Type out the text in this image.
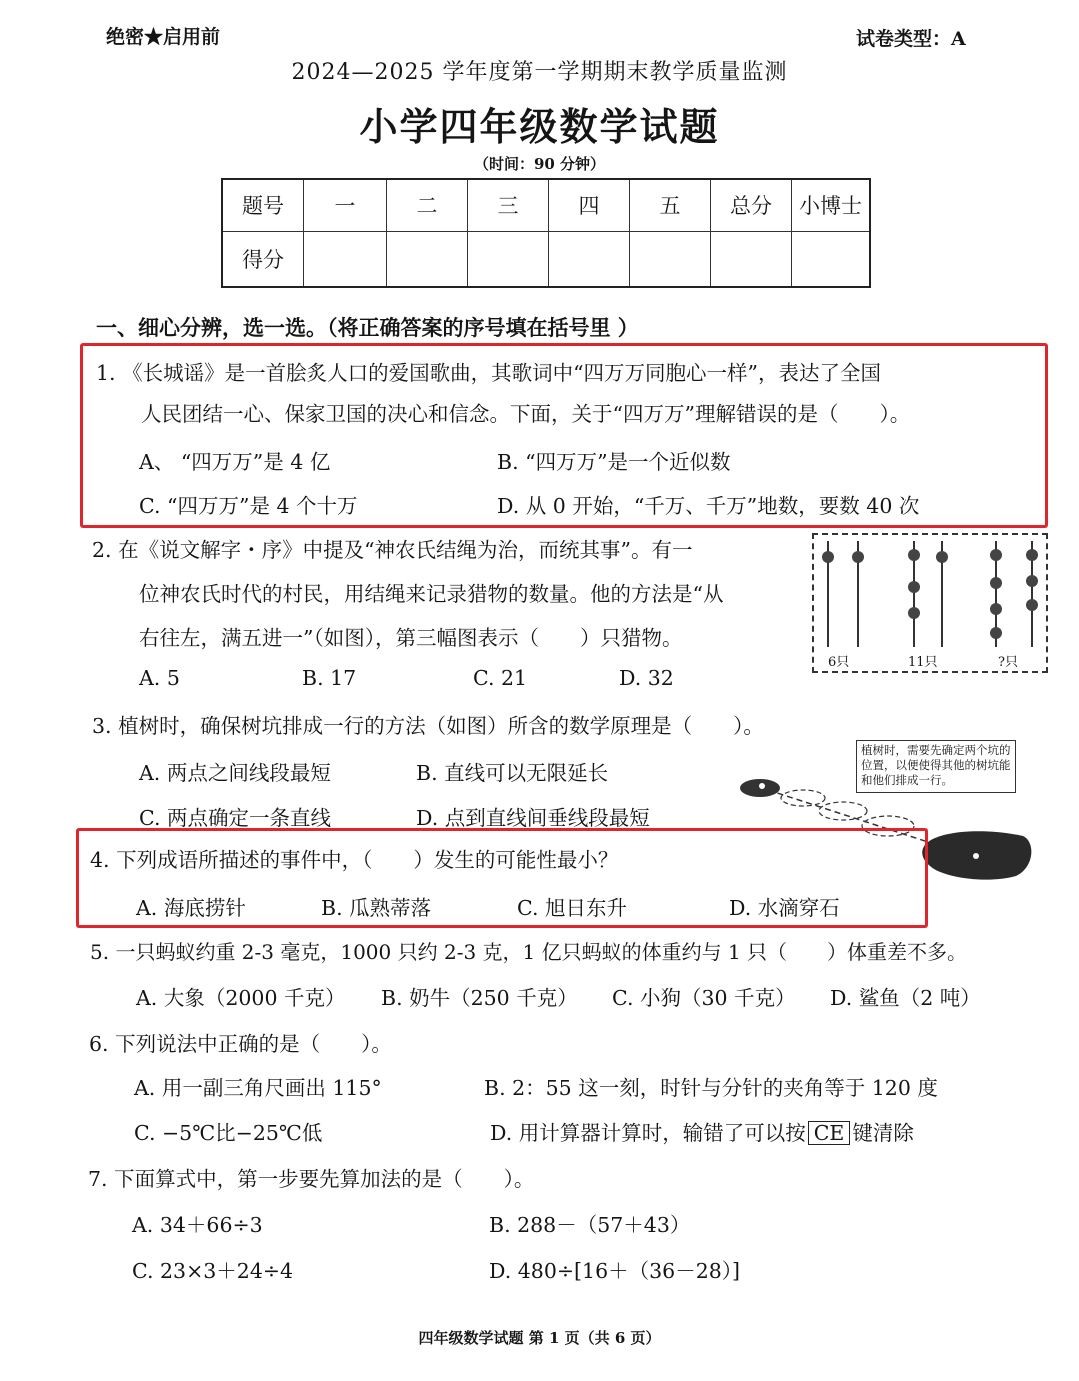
绝密★启用前	试卷类型：A
2024—2025 学年度第一学期期末教学质量监测
小学四年级数学试题
（时间：90 分钟）
题号	一	二	三	四	五	总分	小博士
得分							
一、细心分辨，选一选。（将正确答案的序号填在括号里 ）
1. 《长城谣》是一首脍炙人口的爱国歌曲，其歌词中“四万万同胞心一样”，表达了全国
人民团结一心、保家卫国的决心和信念。下面，关于“四万万”理解错误的是（　　）。
A、 “四万万”是 4 亿	B. “四万万”是一个近似数
C. “四万万”是 4 个十万	D. 从 0 开始，“千万、千万”地数，要数 40 次
2. 在《说文解字・序》中提及“神农氏结绳为治，而统其事”。有一
位神农氏时代的村民，用结绳来记录猎物的数量。他的方法是“从
右往左，满五进一”（如图），第三幅图表示（　　）只猎物。
A. 5	B. 17	C. 21	D. 32
6只	11只	?只
3. 植树时，确保树坑排成一行的方法（如图）所含的数学原理是（　　）。
A. 两点之间线段最短	B. 直线可以无限延长
C. 两点确定一条直线	D. 点到直线间垂线段最短
植树时，需要先确定两个坑的位置，以便使得其他的树坑能和他们排成一行。
4. 下列成语所描述的事件中，（　　）发生的可能性最小？
A. 海底捞针	B. 瓜熟蒂落	C. 旭日东升	D. 水滴穿石
5. 一只蚂蚁约重 2-3 毫克，1000 只约 2-3 克，1 亿只蚂蚁的体重约与 1 只（　　）体重差不多。
A. 大象（2000 千克） B. 奶牛（250 千克） C. 小狗（30 千克） D. 鲨鱼（2 吨）
6. 下列说法中正确的是（　　）。
A. 用一副三角尺画出 115°	B. 2：55 这一刻，时针与分针的夹角等于 120 度
C. −5℃比−25℃低	D. 用计算器计算时，输错了可以按 CE 键清除
7. 下面算式中，第一步要先算加法的是（　　）。
A. 34＋66÷3	B. 288－（57＋43）
C. 23×3＋24÷4	D. 480÷[16＋（36－28）]
四年级数学试题 第 1 页（共 6 页）
